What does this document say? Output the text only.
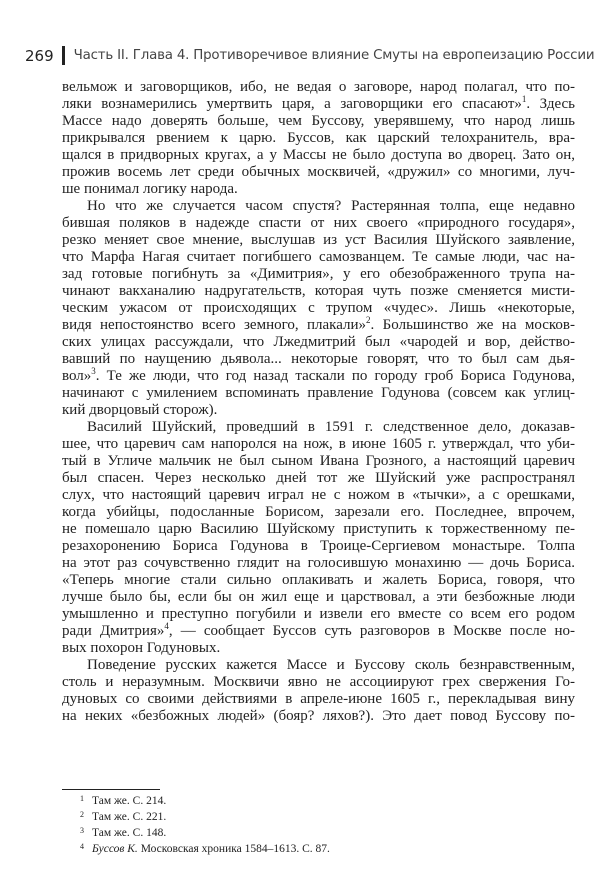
269 Часть II. Глава 4. Противоречивое влияние Смуты на европеизацию России
вельмож и заговорщиков, ибо, не ведая о заговоре, народ полагал, что по-
ляки вознамерились умертвить царя, а заговорщики его спасают»$^1$. Здесь
Массе надо доверять больше, чем Буссову, уверявшему, что народ лишь
прикрывался рвением к царю. Буссов, как царский телохранитель, вра-
щался в придворных кругах, а у Массы не было доступа во дворец. Зато он,
прожив восемь лет среди обычных москвичей, «дружил» со многими, луч-
ше понимал логику народа.
Но что же случается часом спустя? Растерянная толпа, еще недавно
бившая поляков в надежде спасти от них своего «природного государя»,
резко меняет свое мнение, выслушав из уст Василия Шуйского заявление,
что Марфа Нагая считает погибшего самозванцем. Те самые люди, час на-
зад готовые погибнуть за «Димитрия», у его обезображенного трупа на-
чинают вакханалию надругательств, которая чуть позже сменяется мисти-
ческим ужасом от происходящих с трупом «чудес». Лишь «некоторые,
видя непостоянство всего земного, плакали»$^2$. Большинство же на москов-
ских улицах рассуждали, что Лжедмитрий был «чародей и вор, действо-
вавший по наущению дьявола... некоторые говорят, что то был сам дья-
вол»$^3$. Те же люди, что год назад таскали по городу гроб Бориса Годунова,
начинают с умилением вспоминать правление Годунова (совсем как углиц-
кий дворцовый сторож).
Василий Шуйский, проведший в 1591 г. следственное дело, доказав-
шее, что царевич сам напоролся на нож, в июне 1605 г. утверждал, что уби-
тый в Угличе мальчик не был сыном Ивана Грозного, а настоящий царевич
был спасен. Через несколько дней тот же Шуйский уже распространял
слух, что настоящий царевич играл не с ножом в «тычки», а с орешками,
когда убийцы, подосланные Борисом, зарезали его. Последнее, впрочем,
не помешало царю Василию Шуйскому приступить к торжественному пе-
резахоронению Бориса Годунова в Троице-Сергиевом монастыре. Толпа
на этот раз сочувственно глядит на голосившую монахиню — дочь Бориса.
«Теперь многие стали сильно оплакивать и жалеть Бориса, говоря, что
лучше было бы, если бы он жил еще и царствовал, а эти безбожные люди
умышленно и преступно погубили и извели его вместе со всем его родом
ради Дмитрия»$^4$, — сообщает Буссов суть разговоров в Москве после но-
вых похорон Годуновых.
Поведение русских кажется Массе и Буссову сколь безнравственным,
столь и неразумным. Москвичи явно не ассоциируют грех свержения Го-
дуновых со своими действиями в апреле-июне 1605 г., перекладывая вину
на неких «безбожных людей» (бояр? ляхов?). Это дает повод Буссову по-
1 Там же. С. 214.
2 Там же. С. 221.
3 Там же. С. 148.
4 Буссов К. Московская хроника 1584–1613. С. 87.
